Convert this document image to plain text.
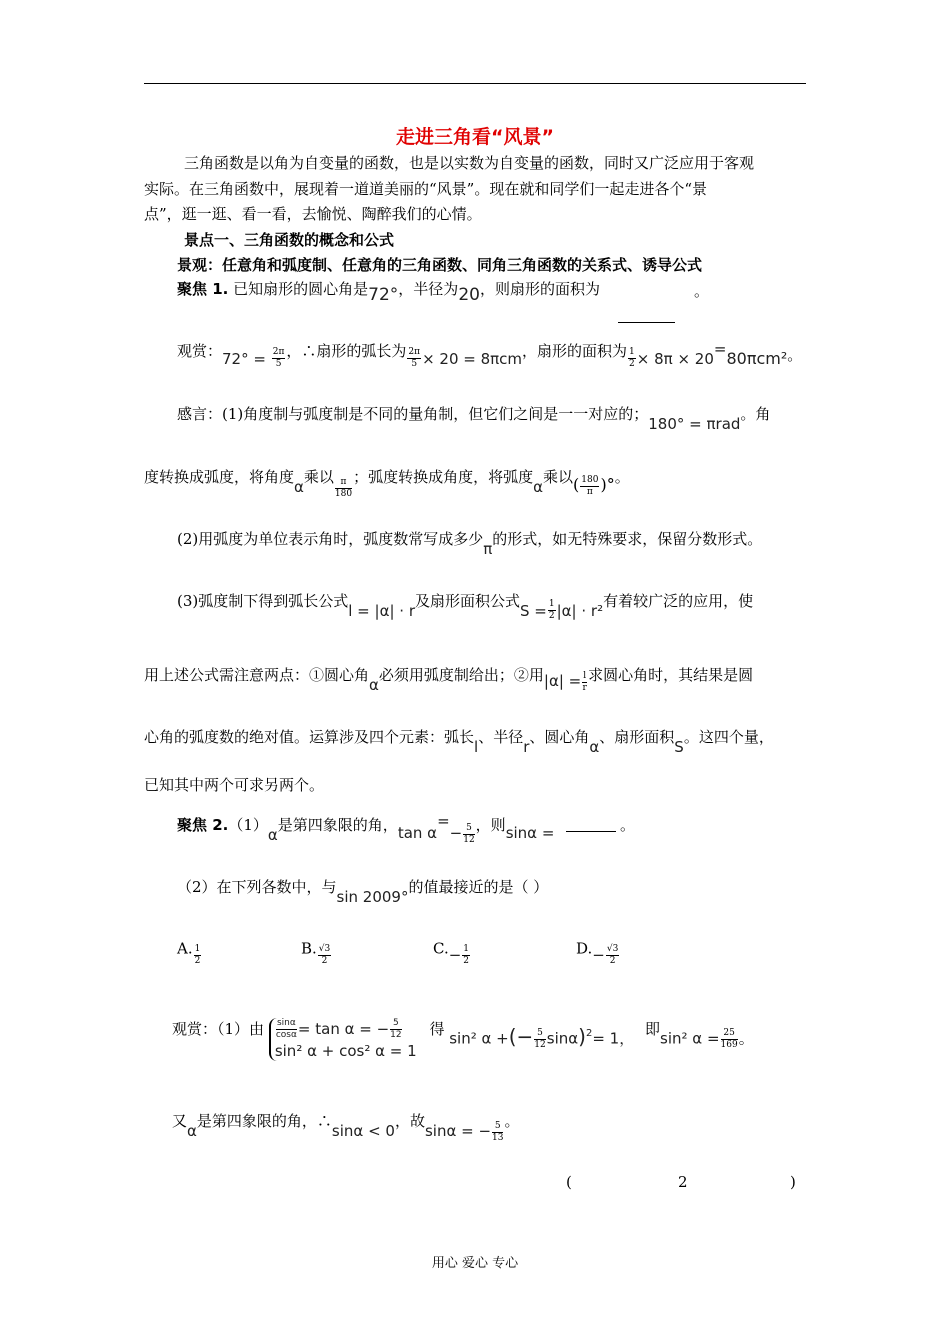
走进三角看“风景”
三角函数是以角为自变量的函数，也是以实数为自变量的函数，同时又广泛应用于客观
实际。在三角函数中，展现着一道道美丽的“风景”。现在就和同学们一起走进各个“景
点”，逛一逛、看一看，去愉悦、陶醉我们的心情。
景点一、三角函数的概念和公式
景观：任意角和弧度制、任意角的三角函数、同角三角函数的关系式、诱导公式
聚焦 1. 已知扇形的圆心角是72°，半径为20，则扇形的面积为	。
观赏：$72^\circ = \frac{2\pi}{5}$ ，∴扇形的弧长为 $\frac{2\pi}{5} \times 20 = 8\pi cm$，扇形的面积为 $\frac{1}{2} \times 8\pi \times 20=80\pi cm^2$。
感言：(1)角度制与弧度制是不同的量角制，但它们之间是一一对应的；180° = πrad。角
度转换成弧度，将角度α乘以 $\frac{\pi}{180}$ ；弧度转换成角度，将弧度α乘以( $\frac{180}{\pi}$ )°。
(2)用弧度为单位表示角时，弧度数常写成多少π的形式，如无特殊要求，保留分数形式。
(3)弧度制下得到弧长公式l = |α| · r及扇形面积公式$S = \frac{1}{2} |\alpha| \cdot r^2$有着较广泛的应用，使
用上述公式需注意两点：①圆心角α必须用弧度制给出；②用$|\alpha| = \frac{l}{r}$ 求圆心角时，其结果是圆
心角的弧度数的绝对值。运算涉及四个元素：弧长l、半径r、圆心角α、扇形面积S。这四个量，
已知其中两个可求另两个。
聚焦 2.（1）α是第四象限的角，$\tan \alpha=- \frac{5}{12}$ ，则sinα =	。
（2）在下列各数中，与sin 2009°的值最接近的是（ ）
A. $\frac{1}{2}$	B. $\frac{√3}{2}$	$C.- \frac{1}{2}$	$D.- \frac{√3}{2}$
观赏：（1）由 $\frac{\sin\alpha}{\cos\alpha} = \tan \alpha$ = − $\frac{5}{12}$
sin² α + cos² α = 1
得 sin² α +(− $\frac{5}{12} \sin\alpha)^2= 1$， 即sin² $\alpha = \frac{25}{169}$ 。
又α是第四象限的角，∴sinα < 0，故sinα = − $\frac{5}{13}$ 。
(	2	)
用心 爱心 专心
